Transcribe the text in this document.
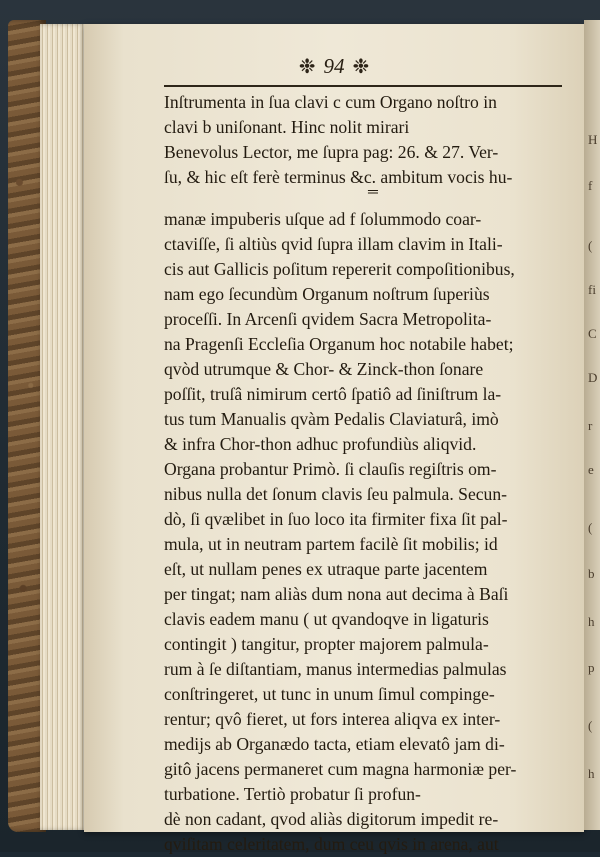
H
f
(
fi
C
D
r
e
(
b
h
p
(
h
❉ 94 ❉
Inſtrumenta in ſua clavi c cum Organo noſtro in
clavi b uniſonant. Hinc nolit mirari
Benevolus Lector, me ſupra pag: 26. & 27. Ver-
ſu, & hic eſt ferè terminus &c. ambitum vocis hu-
═
manæ impuberis uſque ad f ſolummodo coar-
ctaviſſe, ſi altiùs qvid ſupra illam clavim in Itali-
cis aut Gallicis poſitum repererit compoſitionibus,
nam ego ſecundùm Organum noſtrum ſuperiùs
proceſſi. In Arcenſi qvidem Sacra Metropolita-
na Pragenſi Eccleſia Organum hoc notabile habet;
qvòd utrumque & Chor- & Zinck-thon ſonare
poſſit, truſâ nimirum certô ſpatiô ad ſiniſtrum la-
tus tum Manualis qvàm Pedalis Claviaturâ, imò
& infra Chor-thon adhuc profundiùs aliqvid.
Organa probantur Primò. ſi clauſis regiſtris om-
nibus nulla det ſonum clavis ſeu palmula. Secun-
dò, ſi qvælibet in ſuo loco ita firmiter fixa ſit pal-
mula, ut in neutram partem facilè ſit mobilis; id
eſt, ut nullam penes ex utraque parte jacentem
per tingat; nam aliàs dum nona aut decima à Baſi
clavis eadem manu ( ut qvandoqve in ligaturis
contingit ) tangitur, propter majorem palmula-
rum à ſe diſtantiam, manus intermedias palmulas
conſtringeret, ut tunc in unum ſimul compinge-
rentur; qvô fieret, ut fors interea aliqva ex inter-
medijs ab Organædo tacta, etiam elevatô jam di-
gitô jacens permaneret cum magna harmoniæ per-
turbatione. Tertiò probatur ſi profun-
dè non cadant, qvod aliàs digitorum impedit re-
qviſitam celeritatem, dum ceu qvis in arena, aut
